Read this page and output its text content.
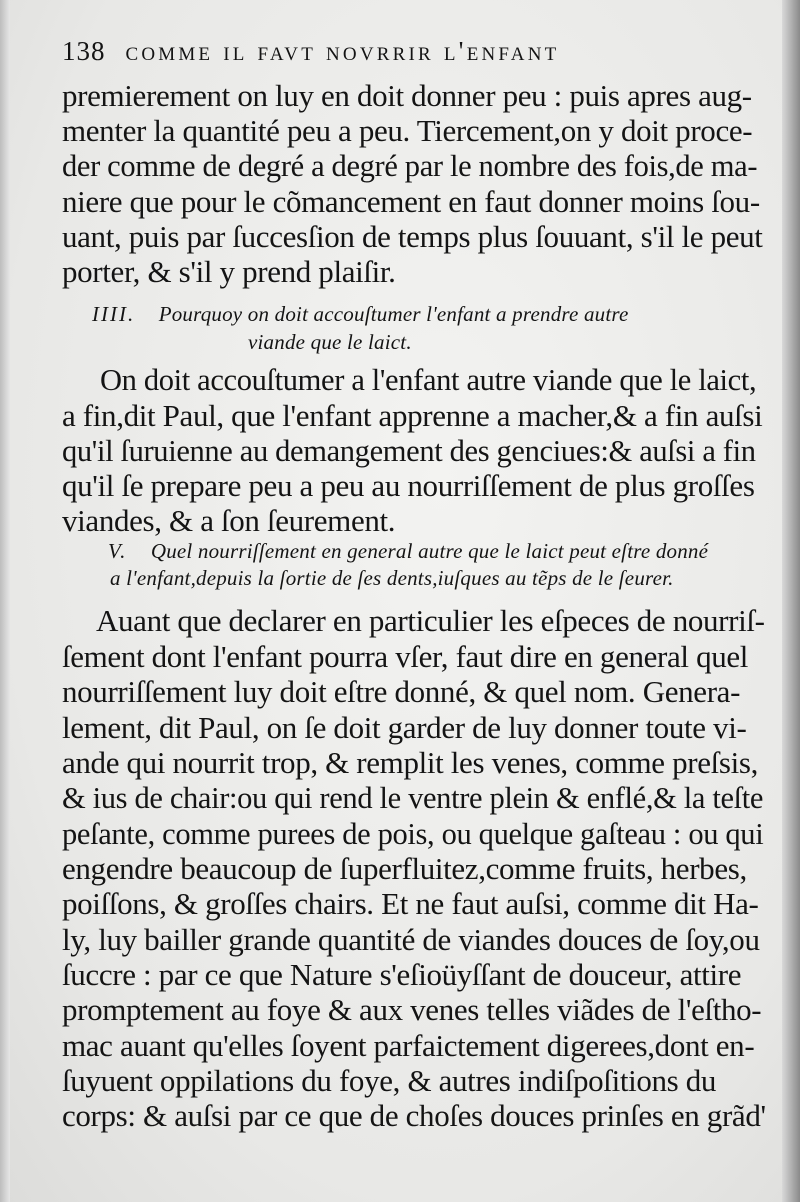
138 comme il favt novrrir l'enfant
premierement on luy en doit donner peu : puis apres aug-
menter la quantité peu a peu. Tiercement,on y doit proce-
der comme de degré a degré par le nombre des fois,de ma-
niere que pour le cõmancement en faut donner moins ſou-
uant, puis par ſuccesſion de temps plus ſouuant, s'il le peut
porter, & s'il y prend plaiſir.
IIII. Pourquoy on doit accouſtumer l'enfant a prendre autre
viande que le laict.
On doit accouſtumer a l'enfant autre viande que le laict,
a fin,dit Paul, que l'enfant apprenne a macher,& a fin auſsi
qu'il ſuruienne au demangement des genciues:& auſsi a fin
qu'il ſe prepare peu a peu au nourriſſement de plus groſſes
viandes, & a ſon ſeurement.
V. Quel nourriſſement en general autre que le laict peut eſtre donné
a l'enfant,depuis la ſortie de ſes dents,iuſques au tẽps de le ſeurer.
Auant que declarer en particulier les eſpeces de nourriſ-
ſement dont l'enfant pourra vſer, faut dire en general quel
nourriſſement luy doit eſtre donné, & quel nom. Genera-
lement, dit Paul, on ſe doit garder de luy donner toute vi-
ande qui nourrit trop, & remplit les venes, comme preſsis,
& ius de chair:ou qui rend le ventre plein & enflé,& la teſte
peſante, comme purees de pois, ou quelque gaſteau : ou qui
engendre beaucoup de ſuperfluitez,comme fruits, herbes,
poiſſons, & groſſes chairs. Et ne faut auſsi, comme dit Ha-
ly, luy bailler grande quantité de viandes douces de ſoy,ou
ſuccre : par ce que Nature s'eſioüyſſant de douceur, attire
promptement au foye & aux venes telles viãdes de l'eſtho-
mac auant qu'elles ſoyent parfaictement digerees,dont en-
ſuyuent oppilations du foye, & autres indiſpoſitions du
corps: & auſsi par ce que de choſes douces prinſes en grãd'
